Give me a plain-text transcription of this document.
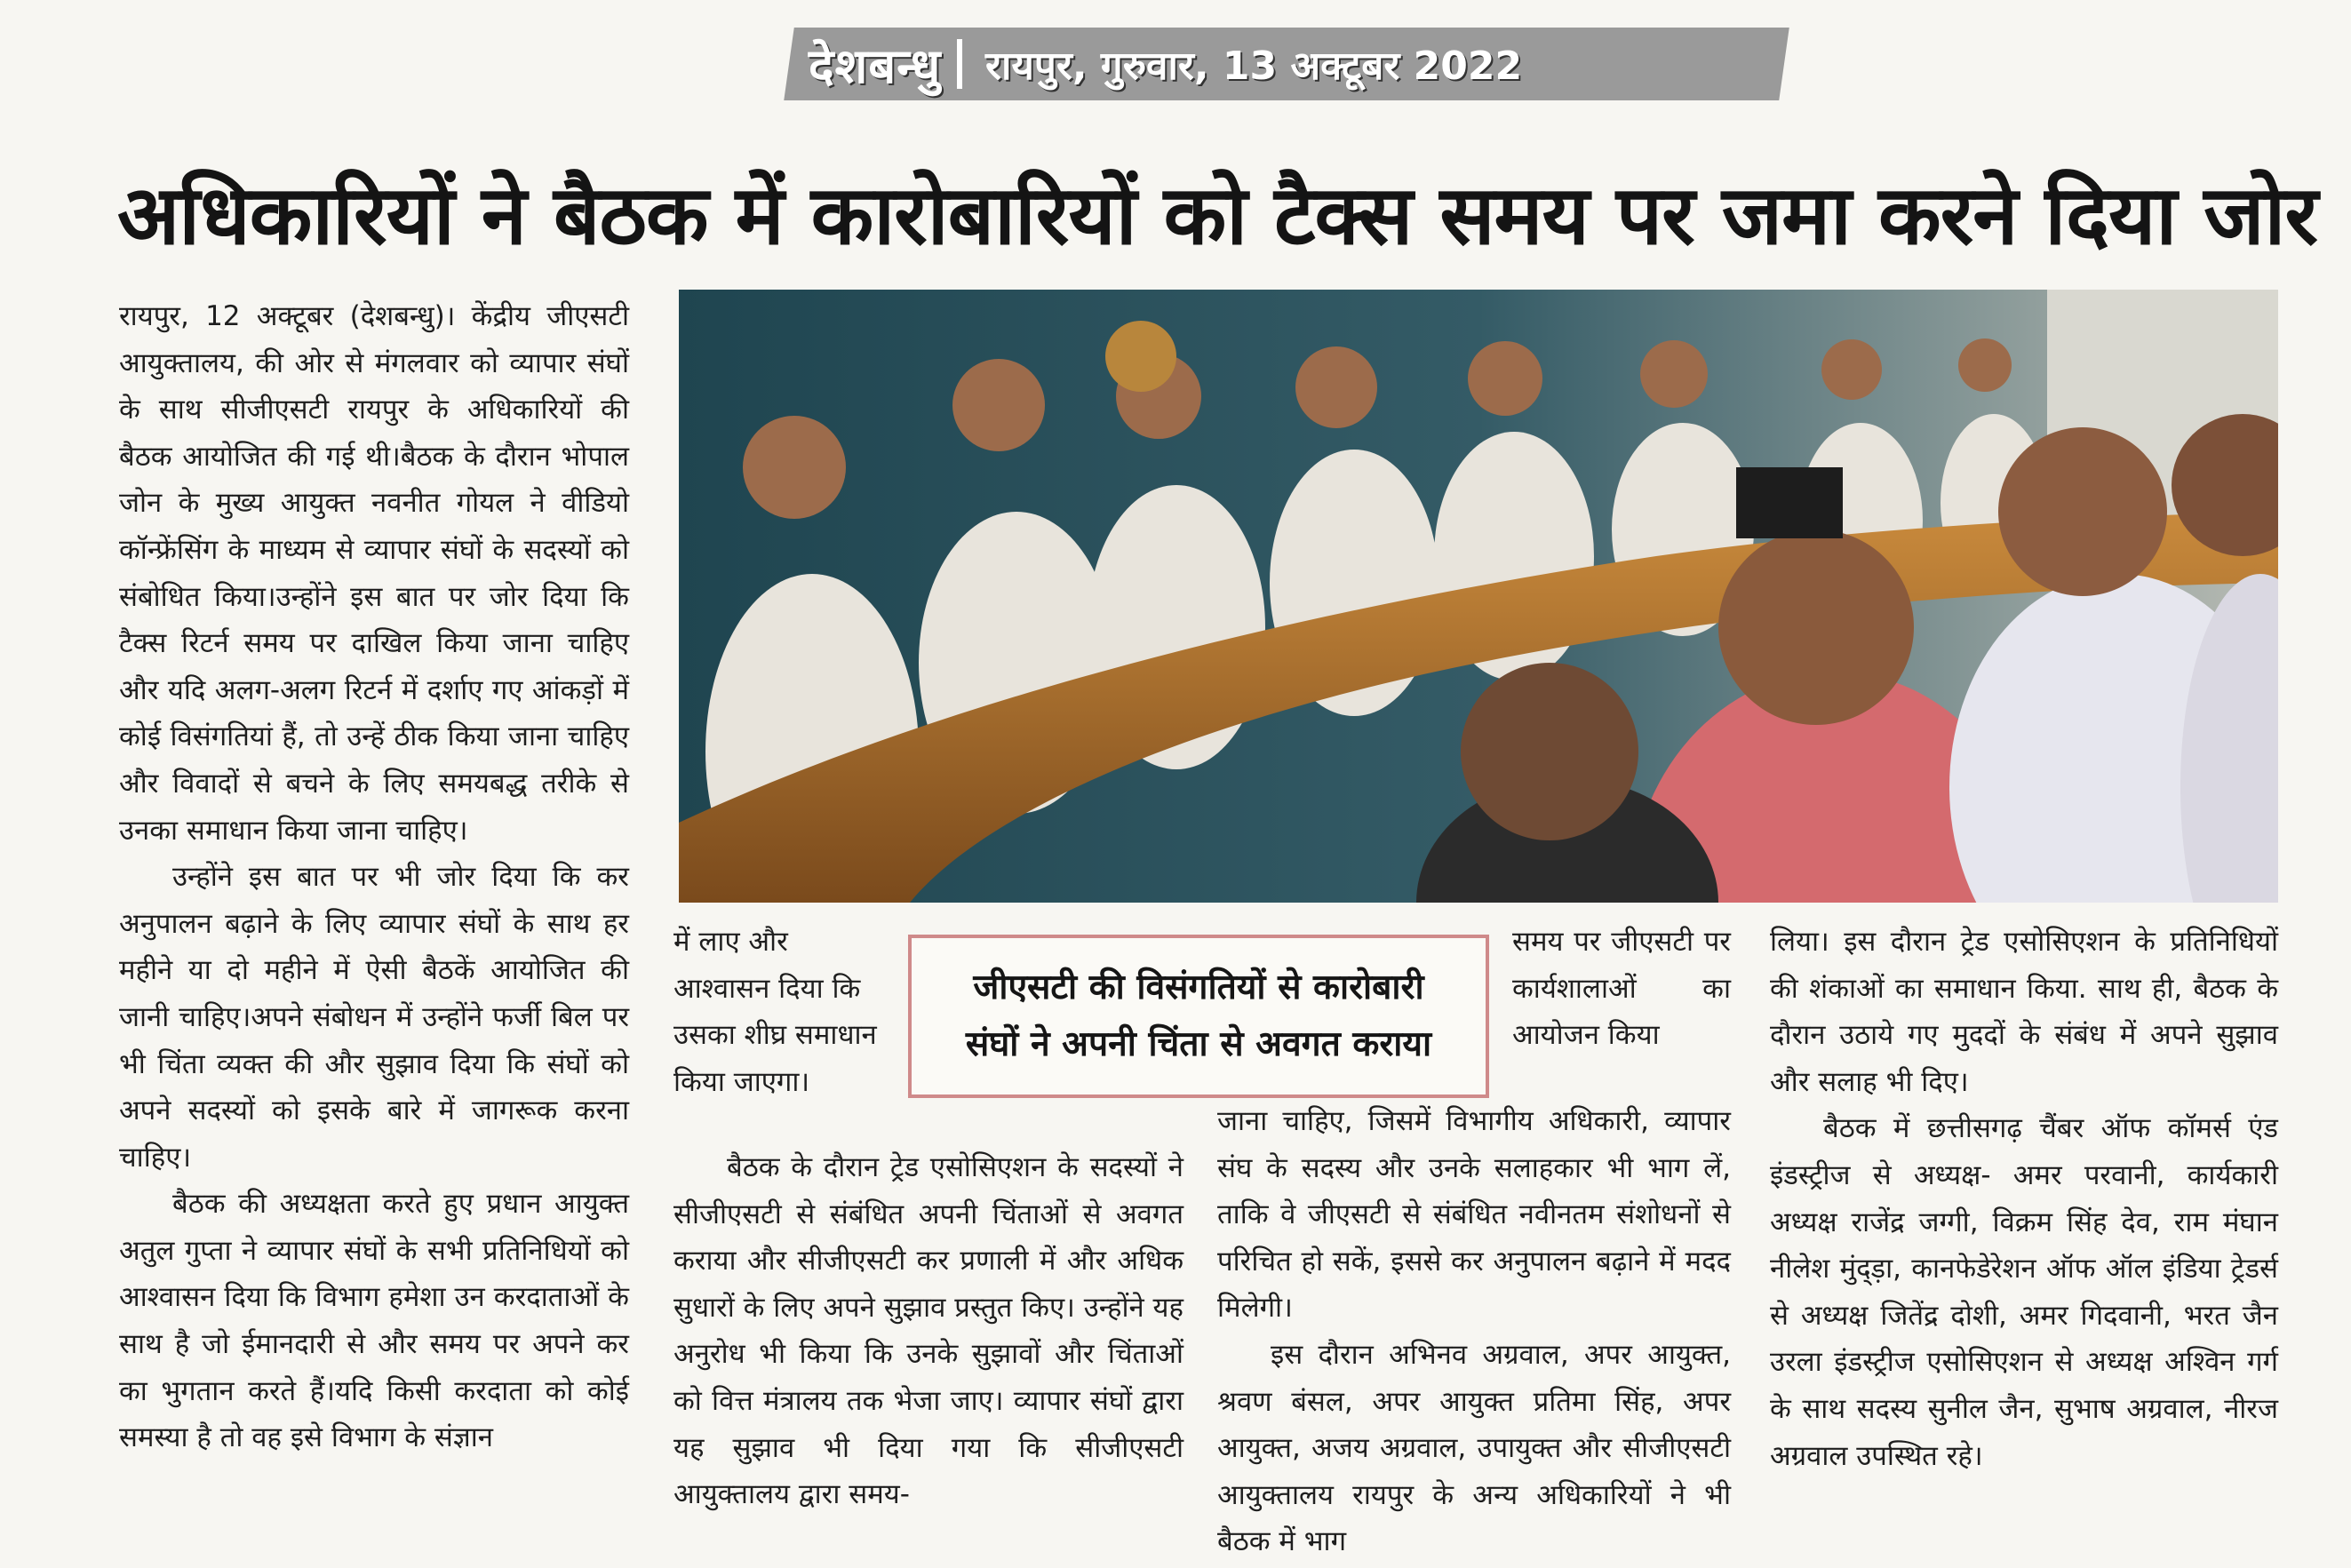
देशबन्धु रायपुर, गुरुवार, 13 अक्टूबर 2022
अधिकारियों ने बैठक में कारोबारियों को टैक्स समय पर जमा करने दिया जोर

रायपुर, 12 अक्टूबर (देशबन्धु)। केंद्रीय जीएसटी आयुक्तालय, की ओर से मंगलवार को व्यापार संघों के साथ सीजीएसटी रायपुर के अधिकारियों की बैठक आयोजित की गई थी।बैठक के दौरान भोपाल जोन के मुख्य आयुक्त नवनीत गोयल ने वीडियो कॉन्फ्रेंसिंग के माध्यम से व्यापार संघों के सदस्यों को संबोधित किया।उन्होंने इस बात पर जोर दिया कि टैक्स रिटर्न समय पर दाखिल किया जाना चाहिए और यदि अलग-अलग रिटर्न में दर्शाए गए आंकड़ों में कोई विसंगतियां हैं, तो उन्हें ठीक किया जाना चाहिए और विवादों से बचने के लिए समयबद्ध तरीके से उनका समाधान किया जाना चाहिए।

उन्होंने इस बात पर भी जोर दिया कि कर अनुपालन बढ़ाने के लिए व्यापार संघों के साथ हर महीने या दो महीने में ऐसी बैठकें आयोजित की जानी चाहिए।अपने संबोधन में उन्होंने फर्जी बिल पर भी चिंता व्यक्त की और सुझाव दिया कि संघों को अपने सदस्यों को इसके बारे में जागरूक करना चाहिए।

बैठक की अध्यक्षता करते हुए प्रधान आयुक्त अतुल गुप्ता ने व्यापार संघों के सभी प्रतिनिधियों को आश्वासन दिया कि विभाग हमेशा उन करदाताओं के साथ है जो ईमानदारी से और समय पर अपने कर का भुगतान करते हैं।यदि किसी करदाता को कोई समस्या है तो वह इसे विभाग के संज्ञान

में लाए और आश्वासन दिया कि उसका शीघ्र समाधान किया जाएगा।

जीएसटी की विसंगतियों से कारोबारी
संघों ने अपनी चिंता से अवगत कराया

समय पर जीएसटी पर कार्यशालाओं का आयोजन किया

बैठक के दौरान ट्रेड एसोसिएशन के सदस्यों ने सीजीएसटी से संबंधित अपनी चिंताओं से अवगत कराया और सीजीएसटी कर प्रणाली में और अधिक सुधारों के लिए अपने सुझाव प्रस्तुत किए। उन्होंने यह अनुरोध भी किया कि उनके सुझावों और चिंताओं को वित्त मंत्रालय तक भेजा जाए। व्यापार संघों द्वारा यह सुझाव भी दिया गया कि सीजीएसटी आयुक्तालय द्वारा समय-

जाना चाहिए, जिसमें विभागीय अधिकारी, व्यापार संघ के सदस्य और उनके सलाहकार भी भाग लें, ताकि वे जीएसटी से संबंधित नवीनतम संशोधनों से परिचित हो सकें, इससे कर अनुपालन बढ़ाने में मदद मिलेगी।

इस दौरान अभिनव अग्रवाल, अपर आयुक्त, श्रवण बंसल, अपर आयुक्त प्रतिमा सिंह, अपर आयुक्त, अजय अग्रवाल, उपायुक्त और सीजीएसटी आयुक्तालय रायपुर के अन्य अधिकारियों ने भी बैठक में भाग

लिया। इस दौरान ट्रेड एसोसिएशन के प्रतिनिधियों की शंकाओं का समाधान किया. साथ ही, बैठक के दौरान उठाये गए मुददों के संबंध में अपने सुझाव और सलाह भी दिए।

बैठक में छत्तीसगढ़ चैंबर ऑफ कॉमर्स एंड इंडस्ट्रीज से अध्यक्ष- अमर परवानी, कार्यकारी अध्यक्ष राजेंद्र जग्गी, विक्रम सिंह देव, राम मंघान नीलेश मुंद्ड़ा, कानफेडेरेशन ऑफ ऑल इंडिया ट्रेडर्स से अध्यक्ष जितेंद्र दोशी, अमर गिदवानी, भरत जैन उरला इंडस्ट्रीज एसोसिएशन से अध्यक्ष अश्विन गर्ग के साथ सदस्य सुनील जैन, सुभाष अग्रवाल, नीरज अग्रवाल उपस्थित रहे।
